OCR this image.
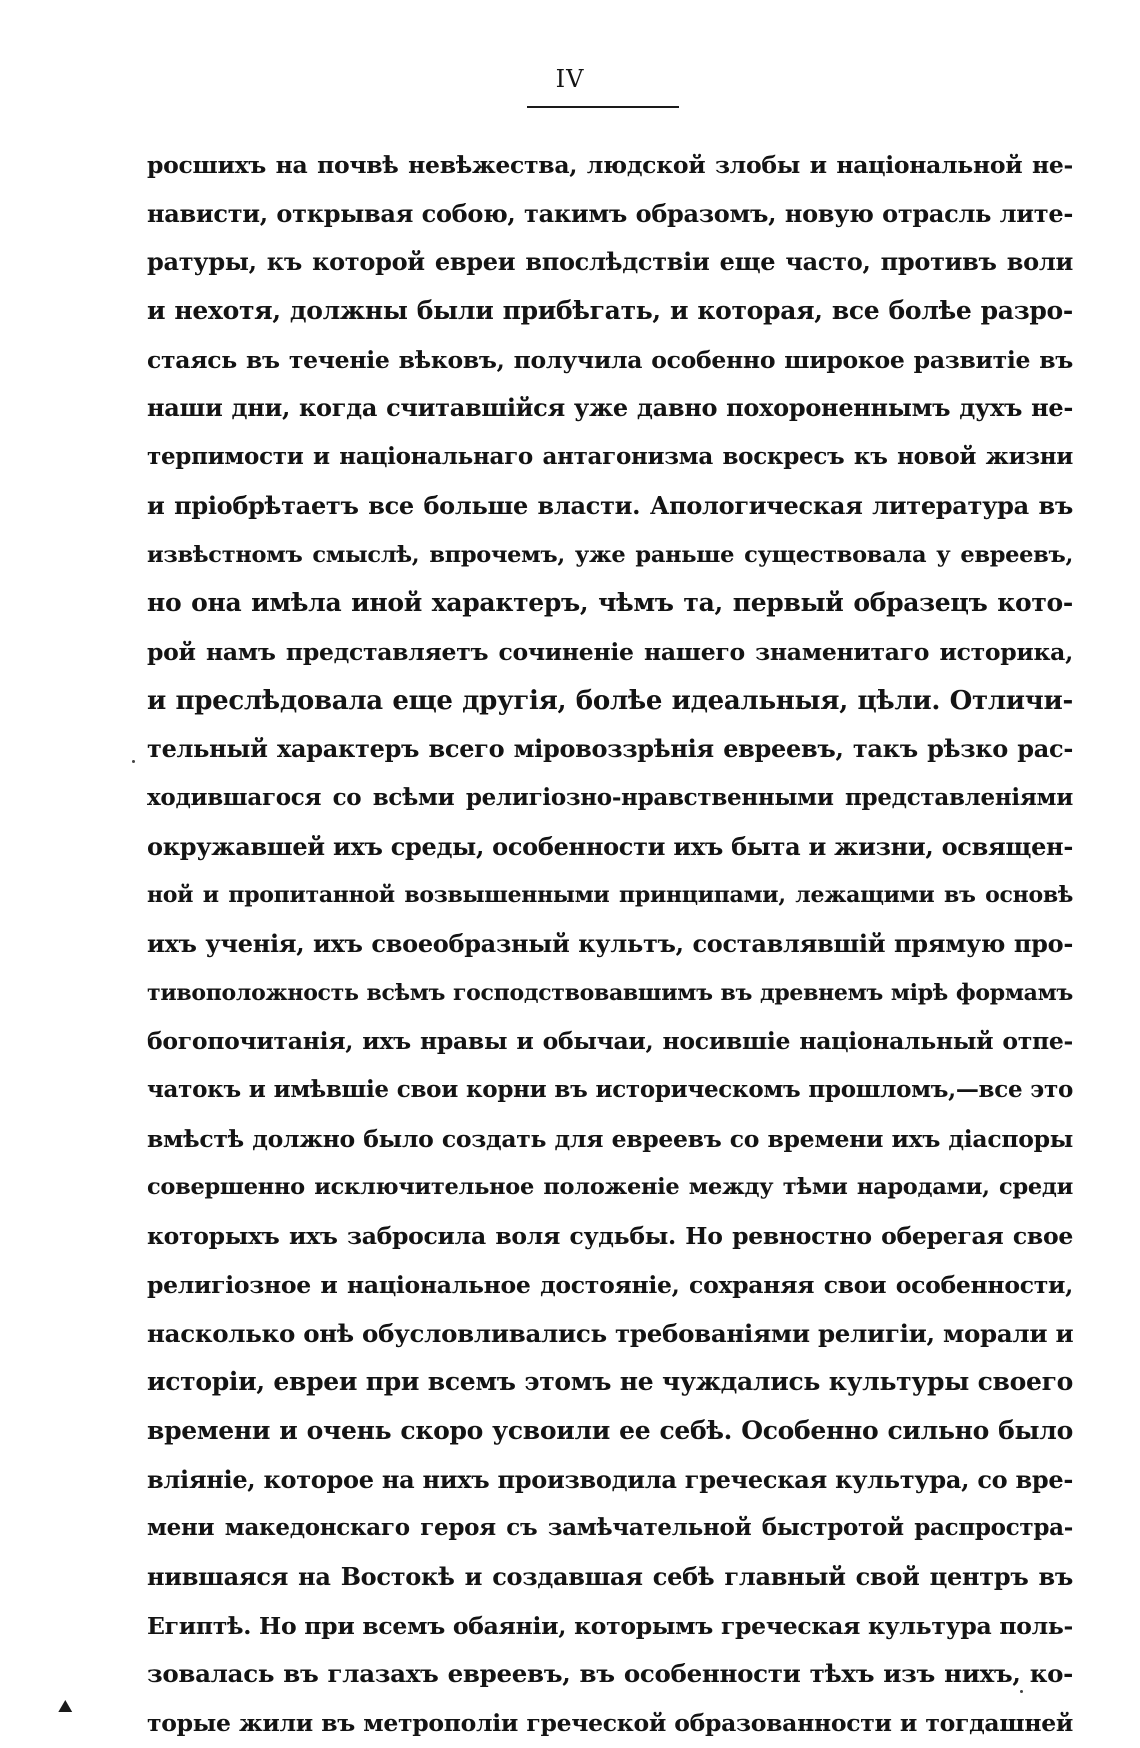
IV
росшихъ на почвѣ невѣжества, людской злобы и національной не-
нависти, открывая собою, такимъ образомъ, новую отрасль лите-
ратуры, къ которой евреи впослѣдствіи еще часто, противъ воли
и нехотя, должны были прибѣгать, и которая, все болѣе разро-
стаясь въ теченіе вѣковъ, получила особенно широкое развитіе въ
наши дни, когда считавшійся уже давно похороненнымъ духъ не-
терпимости и національнаго антагонизма воскресъ къ новой жизни
и пріобрѣтаетъ все больше власти. Апологическая литература въ
извѣстномъ смыслѣ, впрочемъ, уже раньше существовала у евреевъ,
но она имѣла иной характеръ, чѣмъ та, первый образецъ кото-
рой намъ представляетъ сочиненіе нашего знаменитаго историка,
и преслѣдовала еще другія, болѣе идеальныя, цѣли. Отличи-
тельный характеръ всего міровоззрѣнія евреевъ, такъ рѣзко рас-
ходившагося со всѣми религіозно-нравственными представленіями
окружавшей ихъ среды, особенности ихъ быта и жизни, освящен-
ной и пропитанной возвышенными принципами, лежащими въ основѣ
ихъ ученія, ихъ своеобразный культъ, составлявшій прямую про-
тивоположность всѣмъ господствовавшимъ въ древнемъ мірѣ формамъ
богопочитанія, ихъ нравы и обычаи, носившіе національный отпе-
чатокъ и имѣвшіе свои корни въ историческомъ прошломъ,—все это
вмѣстѣ должно было создать для евреевъ со времени ихъ діаспоры
совершенно исключительное положеніе между тѣми народами, среди
которыхъ ихъ забросила воля судьбы. Но ревностно оберегая свое
религіозное и національное достояніе, сохраняя свои особенности,
насколько онѣ обусловливались требованіями религіи, морали и
исторіи, евреи при всемъ этомъ не чуждались культуры своего
времени и очень скоро усвоили ее себѣ. Особенно сильно было
вліяніе, которое на нихъ производила греческая культура, со вре-
мени македонскаго героя съ замѣчательной быстротой распростра-
нившаяся на Востокѣ и создавшая себѣ главный свой центръ въ
Египтѣ. Но при всемъ обаяніи, которымъ греческая культура поль-
зовалась въ глазахъ евреевъ, въ особенности тѣхъ изъ нихъ, ко-
торые жили въ метрополіи греческой образованности и тогдашней
